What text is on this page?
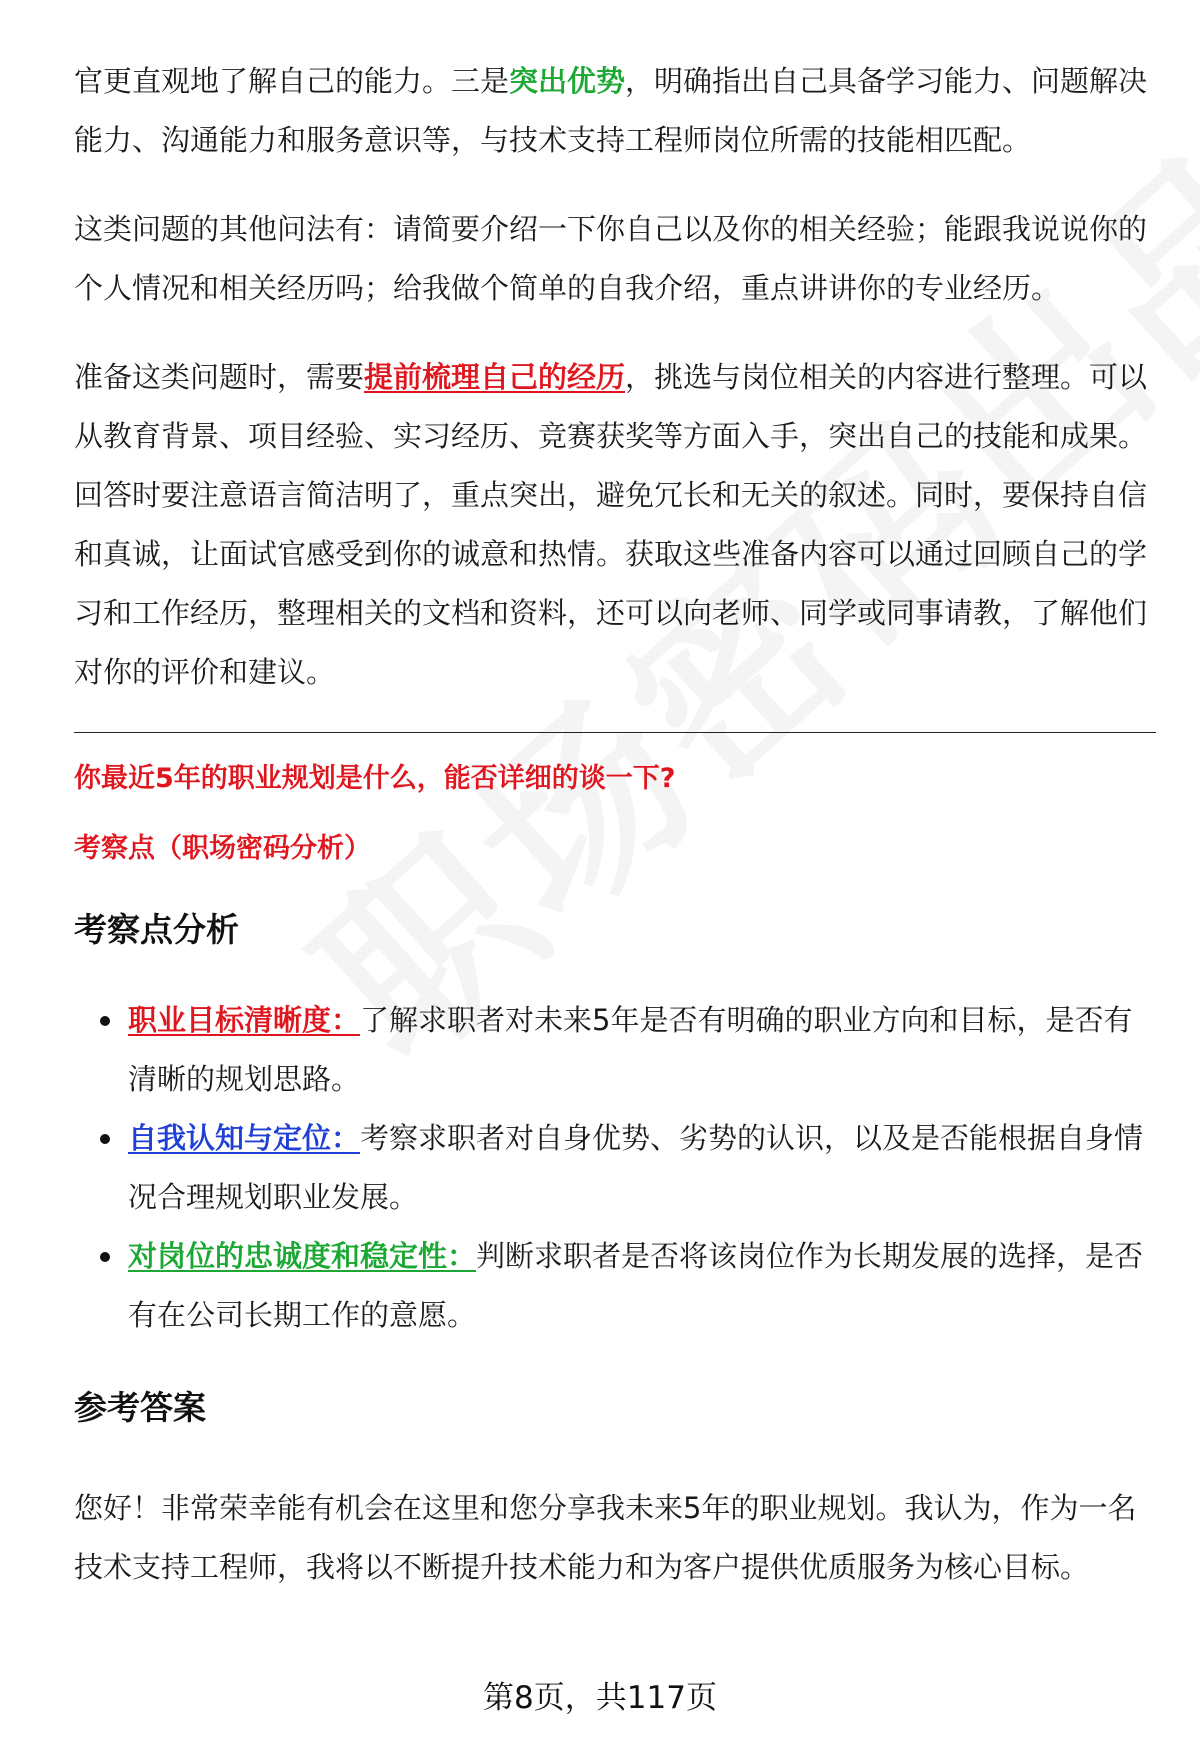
官更直观地了解自己的能力。三是突出优势，明确指出自己具备学习能力、问题解决能力、沟通能力和服务意识等，与技术支持工程师岗位所需的技能相匹配。

这类问题的其他问法有：请简要介绍一下你自己以及你的相关经验；能跟我说说你的个人情况和相关经历吗；给我做个简单的自我介绍，重点讲讲你的专业经历。

准备这类问题时，需要提前梳理自己的经历，挑选与岗位相关的内容进行整理。可以从教育背景、项目经验、实习经历、竞赛获奖等方面入手，突出自己的技能和成果。回答时要注意语言简洁明了，重点突出，避免冗长和无关的叙述。同时，要保持自信和真诚，让面试官感受到你的诚意和热情。获取这些准备内容可以通过回顾自己的学习和工作经历，整理相关的文档和资料，还可以向老师、同学或同事请教，了解他们对你的评价和建议。

你最近5年的职业规划是什么，能否详细的谈一下?
考察点（职场密码分析）
考察点分析
职业目标清晰度：了解求职者对未来5年是否有明确的职业方向和目标，是否有清晰的规划思路。
自我认知与定位：考察求职者对自身优势、劣势的认识，以及是否能根据自身情况合理规划职业发展。
对岗位的忠诚度和稳定性：判断求职者是否将该岗位作为长期发展的选择，是否有在公司长期工作的意愿。
参考答案

您好！非常荣幸能有机会在这里和您分享我未来5年的职业规划。我认为，作为一名技术支持工程师，我将以不断提升技术能力和为客户提供优质服务为核心目标。

第8页，共117页
